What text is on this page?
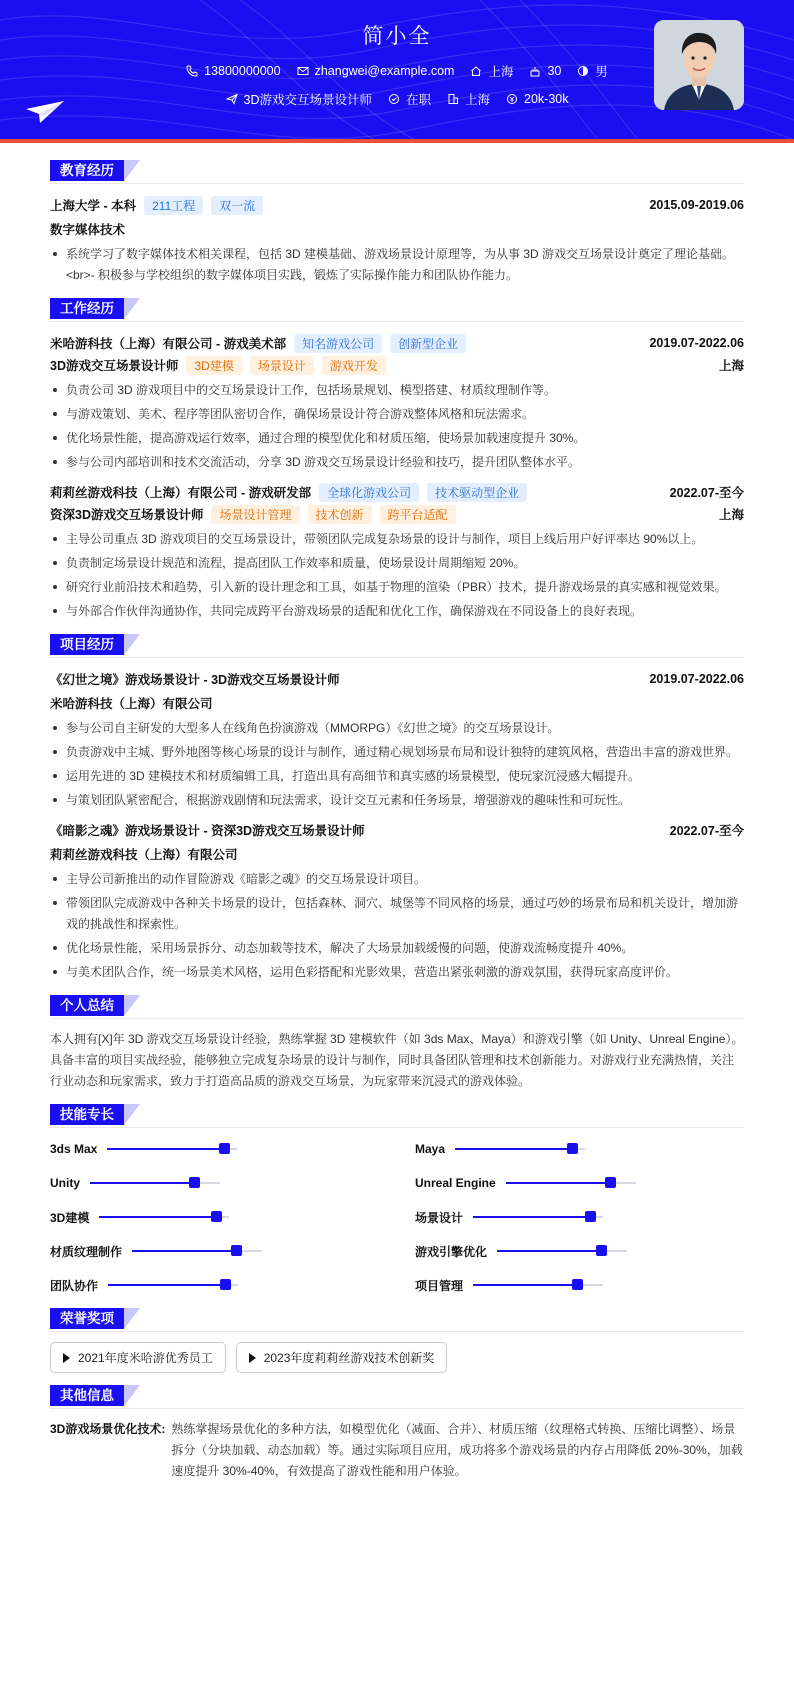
简小全
13800000000	zhangwei@example.com	上海	30	男
3D游戏交互场景设计师	在职	上海	20k-30k
教育经历
上海大学 - 本科	211工程	双一流	2015.09-2019.06
数字媒体技术
系统学习了数字媒体技术相关课程，包括 3D 建模基础、游戏场景设计原理等，为从事 3D 游戏交互场景设计奠定了理论基础。<br>- 积极参与学校组织的数字媒体项目实践，锻炼了实际操作能力和团队协作能力。
工作经历
米哈游科技（上海）有限公司 - 游戏美术部	知名游戏公司	创新型企业	2019.07-2022.06
3D游戏交互场景设计师	3D建模	场景设计	游戏开发	上海
负责公司 3D 游戏项目中的交互场景设计工作，包括场景规划、模型搭建、材质纹理制作等。
与游戏策划、美术、程序等团队密切合作，确保场景设计符合游戏整体风格和玩法需求。
优化场景性能，提高游戏运行效率，通过合理的模型优化和材质压缩，使场景加载速度提升 30%。
参与公司内部培训和技术交流活动，分享 3D 游戏交互场景设计经验和技巧，提升团队整体水平。
莉莉丝游戏科技（上海）有限公司 - 游戏研发部	全球化游戏公司	技术驱动型企业	2022.07-至今
资深3D游戏交互场景设计师	场景设计管理	技术创新	跨平台适配	上海
主导公司重点 3D 游戏项目的交互场景设计，带领团队完成复杂场景的设计与制作，项目上线后用户好评率达 90%以上。
负责制定场景设计规范和流程，提高团队工作效率和质量，使场景设计周期缩短 20%。
研究行业前沿技术和趋势，引入新的设计理念和工具，如基于物理的渲染（PBR）技术，提升游戏场景的真实感和视觉效果。
与外部合作伙伴沟通协作，共同完成跨平台游戏场景的适配和优化工作，确保游戏在不同设备上的良好表现。
项目经历
《幻世之境》游戏场景设计 - 3D游戏交互场景设计师	2019.07-2022.06
米哈游科技（上海）有限公司
参与公司自主研发的大型多人在线角色扮演游戏（MMORPG）《幻世之境》的交互场景设计。
负责游戏中主城、野外地图等核心场景的设计与制作，通过精心规划场景布局和设计独特的建筑风格，营造出丰富的游戏世界。
运用先进的 3D 建模技术和材质编辑工具，打造出具有高细节和真实感的场景模型，使玩家沉浸感大幅提升。
与策划团队紧密配合，根据游戏剧情和玩法需求，设计交互元素和任务场景，增强游戏的趣味性和可玩性。
《暗影之魂》游戏场景设计 - 资深3D游戏交互场景设计师	2022.07-至今
莉莉丝游戏科技（上海）有限公司
主导公司新推出的动作冒险游戏《暗影之魂》的交互场景设计项目。
带领团队完成游戏中各种关卡场景的设计，包括森林、洞穴、城堡等不同风格的场景，通过巧妙的场景布局和机关设计，增加游戏的挑战性和探索性。
优化场景性能，采用场景拆分、动态加载等技术，解决了大场景加载缓慢的问题，使游戏流畅度提升 40%。
与美术团队合作，统一场景美术风格，运用色彩搭配和光影效果，营造出紧张刺激的游戏氛围，获得玩家高度评价。
个人总结
本人拥有[X]年 3D 游戏交互场景设计经验，熟练掌握 3D 建模软件（如 3ds Max、Maya）和游戏引擎（如 Unity、Unreal Engine）。具备丰富的项目实战经验，能够独立完成复杂场景的设计与制作，同时具备团队管理和技术创新能力。对游戏行业充满热情，关注行业动态和玩家需求，致力于打造高品质的游戏交互场景，为玩家带来沉浸式的游戏体验。
技能专长
3ds Max	Maya
Unity	Unreal Engine
3D建模	场景设计
材质纹理制作	游戏引擎优化
团队协作	项目管理
荣誉奖项
2021年度米哈游优秀员工	2023年度莉莉丝游戏技术创新奖
其他信息
3D游戏场景优化技术: 熟练掌握场景优化的多种方法，如模型优化（减面、合并）、材质压缩（纹理格式转换、压缩比调整）、场景拆分（分块加载、动态加载）等。通过实际项目应用，成功将多个游戏场景的内存占用降低 20%-30%，加载速度提升 30%-40%，有效提高了游戏性能和用户体验。
